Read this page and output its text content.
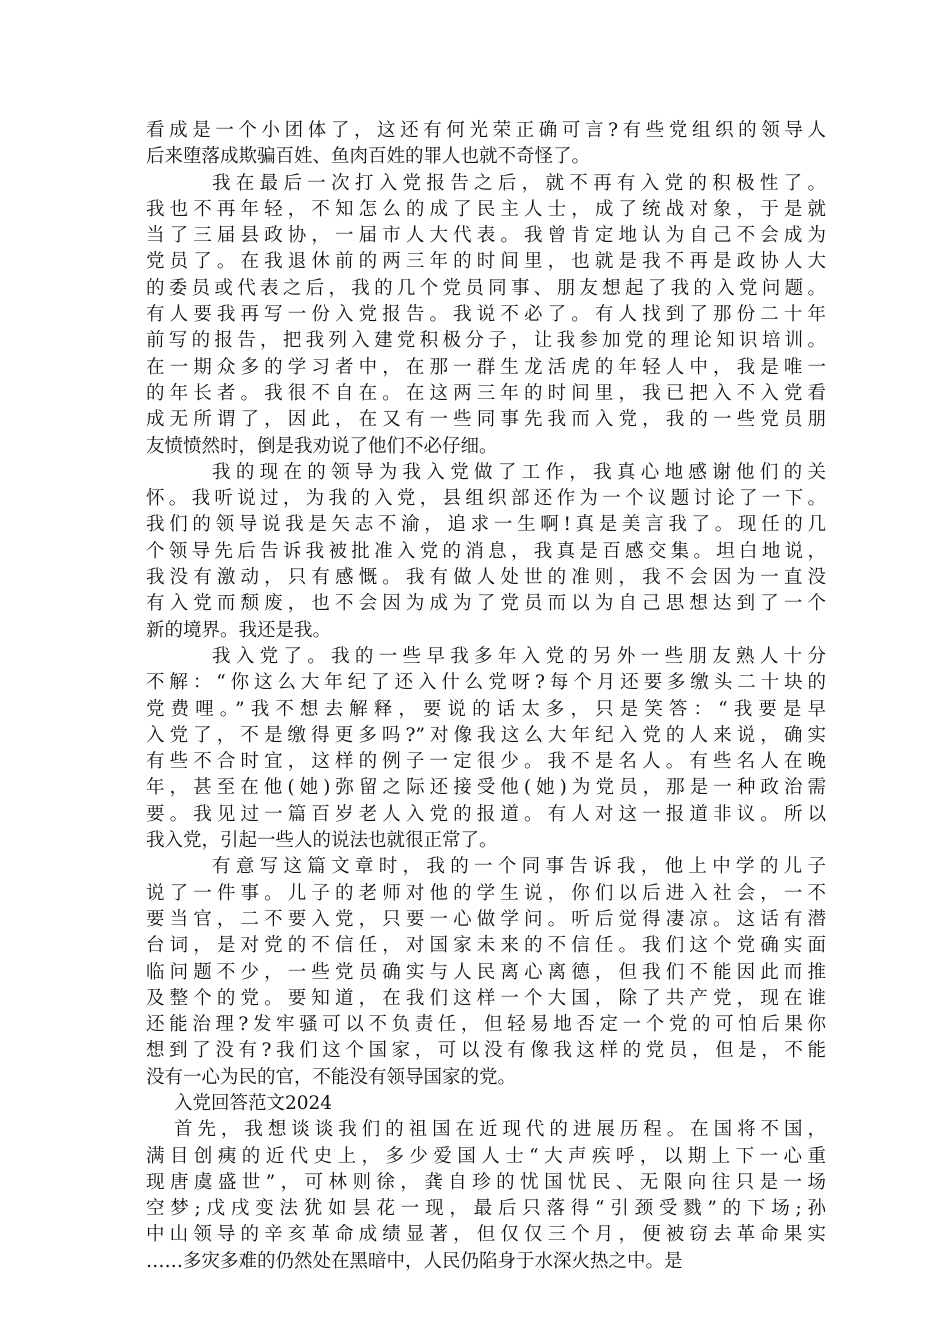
看成是一个小团体了，这还有何光荣正确可言?有些党组织的领导人
后来堕落成欺骗百姓、鱼肉百姓的罪人也就不奇怪了。
我在最后一次打入党报告之后，就不再有入党的积极性了。
我也不再年轻，不知怎么的成了民主人士，成了统战对象，于是就
当了三届县政协，一届市人大代表。我曾肯定地认为自己不会成为
党员了。在我退休前的两三年的时间里，也就是我不再是政协人大
的委员或代表之后，我的几个党员同事、朋友想起了我的入党问题。
有人要我再写一份入党报告。我说不必了。有人找到了那份二十年
前写的报告，把我列入建党积极分子，让我参加党的理论知识培训。
在一期众多的学习者中，在那一群生龙活虎的年轻人中，我是唯一
的年长者。我很不自在。在这两三年的时间里，我已把入不入党看
成无所谓了，因此，在又有一些同事先我而入党，我的一些党员朋
友愤愤然时，倒是我劝说了他们不必仔细。
我的现在的领导为我入党做了工作，我真心地感谢他们的关
怀。我听说过，为我的入党，县组织部还作为一个议题讨论了一下。
我们的领导说我是矢志不渝，追求一生啊!真是美言我了。现任的几
个领导先后告诉我被批准入党的消息，我真是百感交集。坦白地说，
我没有激动，只有感慨。我有做人处世的准则，我不会因为一直没
有入党而颓废，也不会因为成为了党员而以为自己思想达到了一个
新的境界。我还是我。
我入党了。我的一些早我多年入党的另外一些朋友熟人十分
不解：“你这么大年纪了还入什么党呀?每个月还要多缴头二十块的
党费哩。”我不想去解释，要说的话太多，只是笑答：“我要是早
入党了，不是缴得更多吗?”对像我这么大年纪入党的人来说，确实
有些不合时宜，这样的例子一定很少。我不是名人。有些名人在晚
年，甚至在他(她)弥留之际还接受他(她)为党员，那是一种政治需
要。我见过一篇百岁老人入党的报道。有人对这一报道非议。所以
我入党，引起一些人的说法也就很正常了。
有意写这篇文章时，我的一个同事告诉我，他上中学的儿子
说了一件事。儿子的老师对他的学生说，你们以后进入社会，一不
要当官，二不要入党，只要一心做学问。听后觉得凄凉。这话有潜
台词，是对党的不信任，对国家未来的不信任。我们这个党确实面
临问题不少，一些党员确实与人民离心离德，但我们不能因此而推
及整个的党。要知道，在我们这样一个大国，除了共产党，现在谁
还能治理?发牢骚可以不负责任，但轻易地否定一个党的可怕后果你
想到了没有?我们这个国家，可以没有像我这样的党员，但是，不能
没有一心为民的官，不能没有领导国家的党。
入党回答范文2024
首先，我想谈谈我们的祖国在近现代的进展历程。在国将不国，
满目创痍的近代史上，多少爱国人士“大声疾呼，以期上下一心重
现唐虞盛世”，可林则徐，龚自珍的忧国忧民、无限向往只是一场
空梦;戊戌变法犹如昙花一现，最后只落得“引颈受戮”的下场;孙
中山领导的辛亥革命成绩显著，但仅仅三个月，便被窃去革命果实
……多灾多难的仍然处在黑暗中，人民仍陷身于水深火热之中。是
